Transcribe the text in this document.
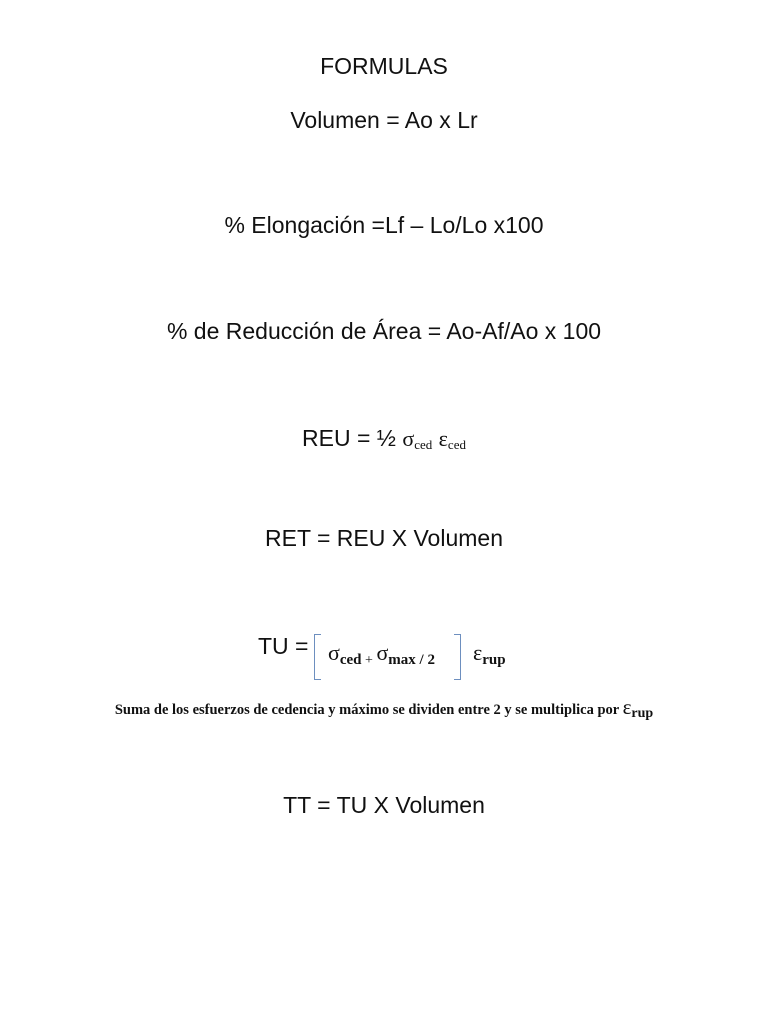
FORMULAS
Volumen = Ao x Lr
% Elongación =Lf – Lo/Lo x100
% de Reducción de Área = Ao-Af/Ao x 100
REU = ½ $\sigma_{ced}$ $\varepsilon_{ced}$
RET = REU X Volumen
TU = σced + σmax / 2 εrup
Suma de los esfuerzos de cedencia y máximo se dividen entre 2 y se multiplica por εrup
TT = TU X Volumen
